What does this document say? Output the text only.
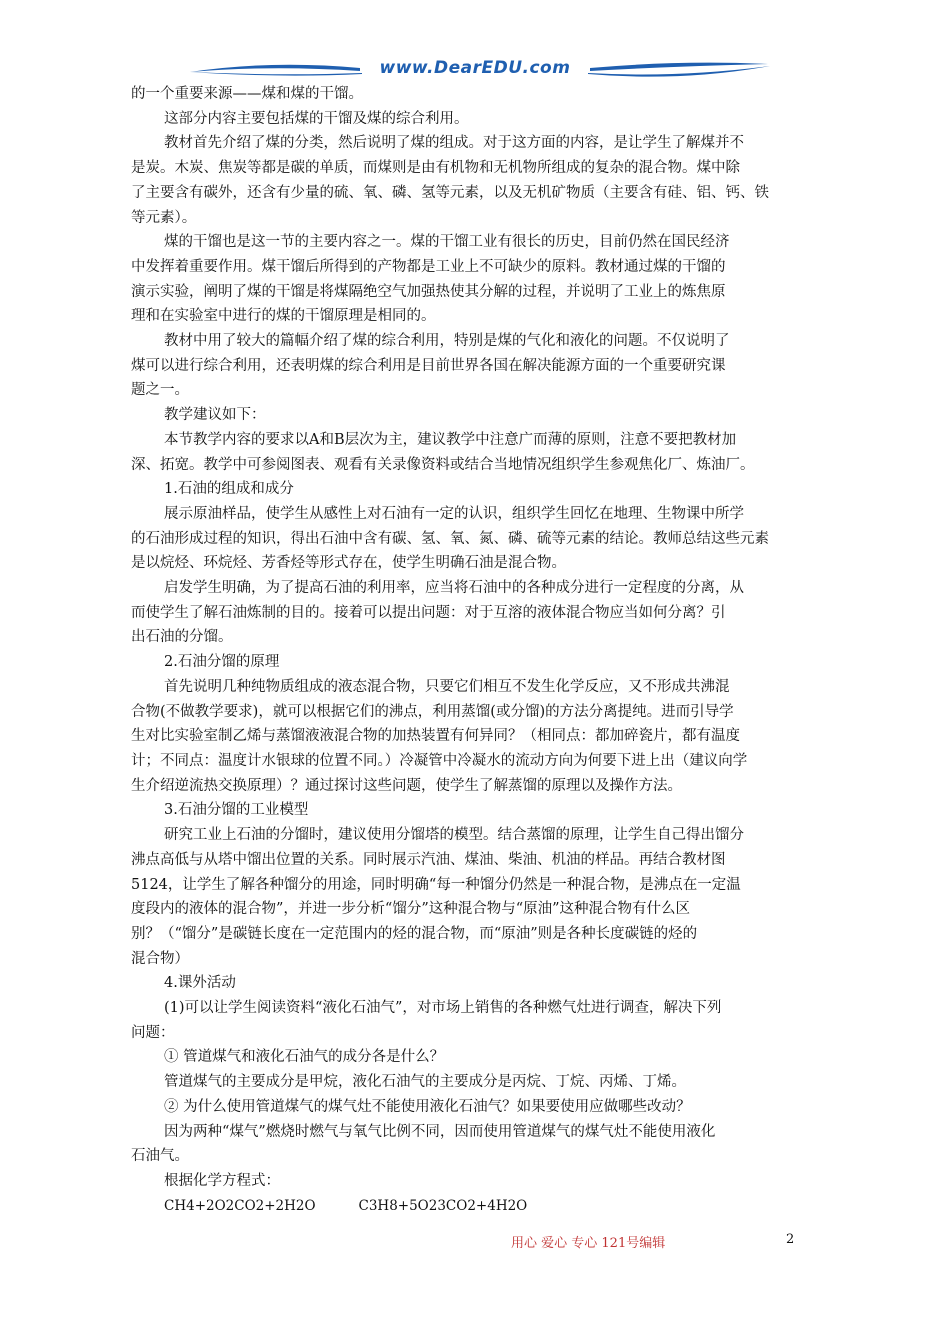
www.DearEDU.com
的一个重要来源——煤和煤的干馏。
这部分内容主要包括煤的干馏及煤的综合利用。
教材首先介绍了煤的分类，然后说明了煤的组成。对于这方面的内容，是让学生了解煤并不
是炭。木炭、焦炭等都是碳的单质，而煤则是由有机物和无机物所组成的复杂的混合物。煤中除
了主要含有碳外，还含有少量的硫、氧、磷、氢等元素，以及无机矿物质（主要含有硅、铝、钙、铁
等元素）。
煤的干馏也是这一节的主要内容之一。煤的干馏工业有很长的历史，目前仍然在国民经济
中发挥着重要作用。煤干馏后所得到的产物都是工业上不可缺少的原料。教材通过煤的干馏的
演示实验，阐明了煤的干馏是将煤隔绝空气加强热使其分解的过程，并说明了工业上的炼焦原
理和在实验室中进行的煤的干馏原理是相同的。
教材中用了较大的篇幅介绍了煤的综合利用，特别是煤的气化和液化的问题。不仅说明了
煤可以进行综合利用，还表明煤的综合利用是目前世界各国在解决能源方面的一个重要研究课
题之一。
教学建议如下：
本节教学内容的要求以A和B层次为主，建议教学中注意广而薄的原则，注意不要把教材加
深、拓宽。教学中可参阅图表、观看有关录像资料或结合当地情况组织学生参观焦化厂、炼油厂。
1.石油的组成和成分
展示原油样品，使学生从感性上对石油有一定的认识，组织学生回忆在地理、生物课中所学
的石油形成过程的知识，得出石油中含有碳、氢、氧、氮、磷、硫等元素的结论。教师总结这些元素
是以烷烃、环烷烃、芳香烃等形式存在，使学生明确石油是混合物。
启发学生明确，为了提高石油的利用率，应当将石油中的各种成分进行一定程度的分离，从
而使学生了解石油炼制的目的。接着可以提出问题：对于互溶的液体混合物应当如何分离？引
出石油的分馏。
2.石油分馏的原理
首先说明几种纯物质组成的液态混合物，只要它们相互不发生化学反应，又不形成共沸混
合物(不做教学要求)，就可以根据它们的沸点，利用蒸馏(或分馏)的方法分离提纯。进而引导学
生对比实验室制乙烯与蒸馏液液混合物的加热装置有何异同？（相同点：都加碎瓷片，都有温度
计；不同点：温度计水银球的位置不同。）冷凝管中冷凝水的流动方向为何要下进上出（建议向学
生介绍逆流热交换原理）？通过探讨这些问题，使学生了解蒸馏的原理以及操作方法。
3.石油分馏的工业模型
研究工业上石油的分馏时，建议使用分馏塔的模型。结合蒸馏的原理，让学生自己得出馏分
沸点高低与从塔中馏出位置的关系。同时展示汽油、煤油、柴油、机油的样品。再结合教材图
5124，让学生了解各种馏分的用途，同时明确“每一种馏分仍然是一种混合物，是沸点在一定温
度段内的液体的混合物”，并进一步分析“馏分”这种混合物与“原油”这种混合物有什么区
别？（“馏分”是碳链长度在一定范围内的烃的混合物，而“原油”则是各种长度碳链的烃的
混合物）
4.课外活动
(1)可以让学生阅读资料“液化石油气”，对市场上销售的各种燃气灶进行调查，解决下列
问题：
① 管道煤气和液化石油气的成分各是什么？
管道煤气的主要成分是甲烷，液化石油气的主要成分是丙烷、丁烷、丙烯、丁烯。
② 为什么使用管道煤气的煤气灶不能使用液化石油气？如果要使用应做哪些改动？
因为两种“煤气”燃烧时燃气与氧气比例不同，因而使用管道煤气的煤气灶不能使用液化
石油气。
根据化学方程式：
CH4+2O2CO2+2H2O	C3H8+5O23CO2+4H2O
用心 爱心 专心 121号编辑	2
